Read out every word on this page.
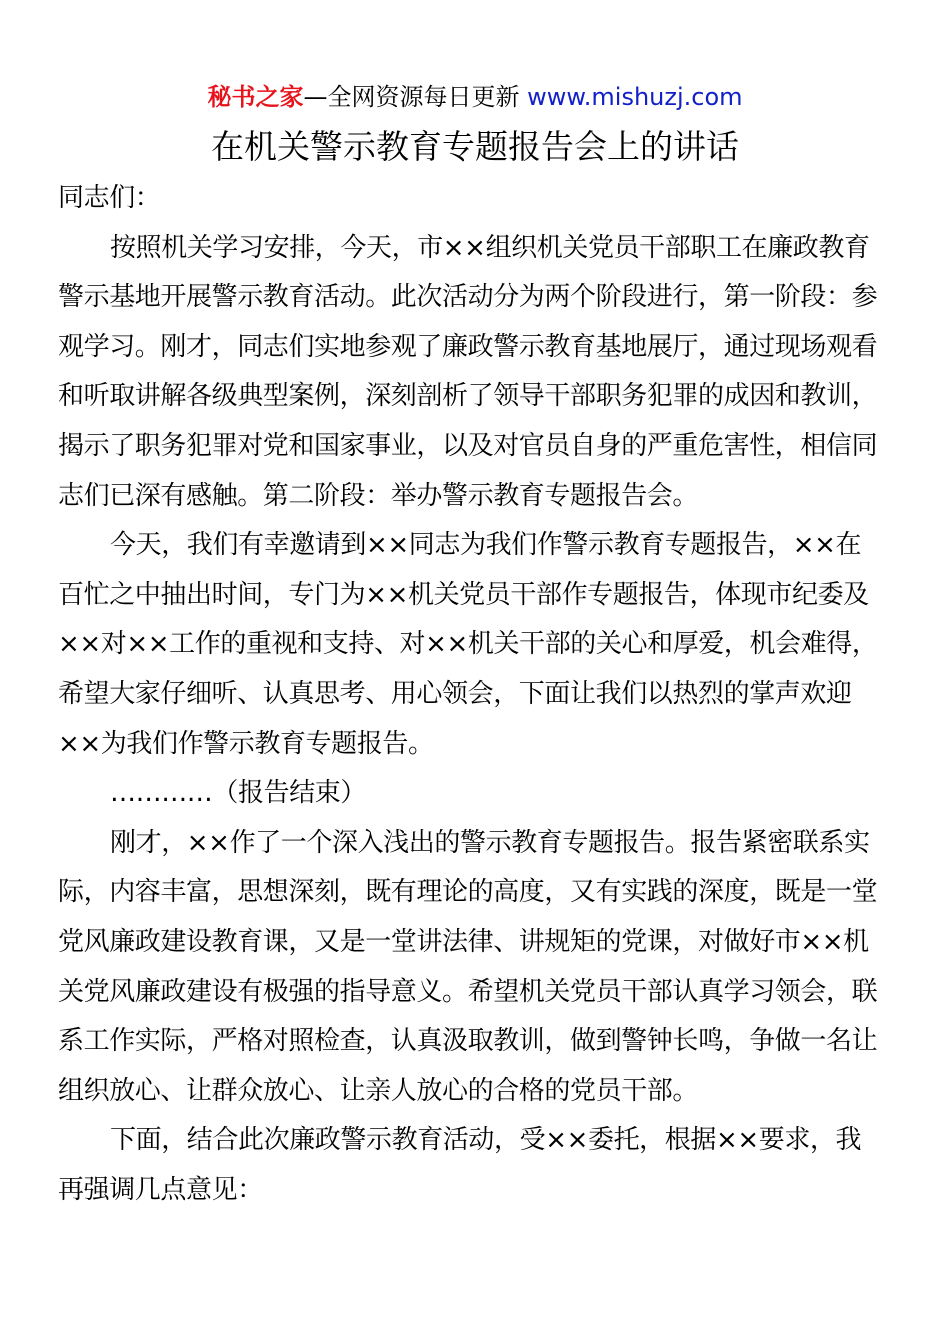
秘书之家—全网资源每日更新 www.mishuzj.com
在机关警示教育专题报告会上的讲话

同志们：

按照机关学习安排，今天，市××组织机关党员干部职工在廉政教育警示基地开展警示教育活动。此次活动分为两个阶段进行，第一阶段：参观学习。刚才，同志们实地参观了廉政警示教育基地展厅，通过现场观看和听取讲解各级典型案例，深刻剖析了领导干部职务犯罪的成因和教训，揭示了职务犯罪对党和国家事业，以及对官员自身的严重危害性，相信同志们已深有感触。第二阶段：举办警示教育专题报告会。

今天，我们有幸邀请到××同志为我们作警示教育专题报告，××在百忙之中抽出时间，专门为××机关党员干部作专题报告，体现市纪委及××对××工作的重视和支持、对××机关干部的关心和厚爱，机会难得，希望大家仔细听、认真思考、用心领会，下面让我们以热烈的掌声欢迎××为我们作警示教育专题报告。

…………（报告结束）

刚才，××作了一个深入浅出的警示教育专题报告。报告紧密联系实际，内容丰富，思想深刻，既有理论的高度，又有实践的深度，既是一堂党风廉政建设教育课，又是一堂讲法律、讲规矩的党课，对做好市××机关党风廉政建设有极强的指导意义。希望机关党员干部认真学习领会，联系工作实际，严格对照检查，认真汲取教训，做到警钟长鸣，争做一名让组织放心、让群众放心、让亲人放心的合格的党员干部。

下面，结合此次廉政警示教育活动，受××委托，根据××要求，我再强调几点意见：
